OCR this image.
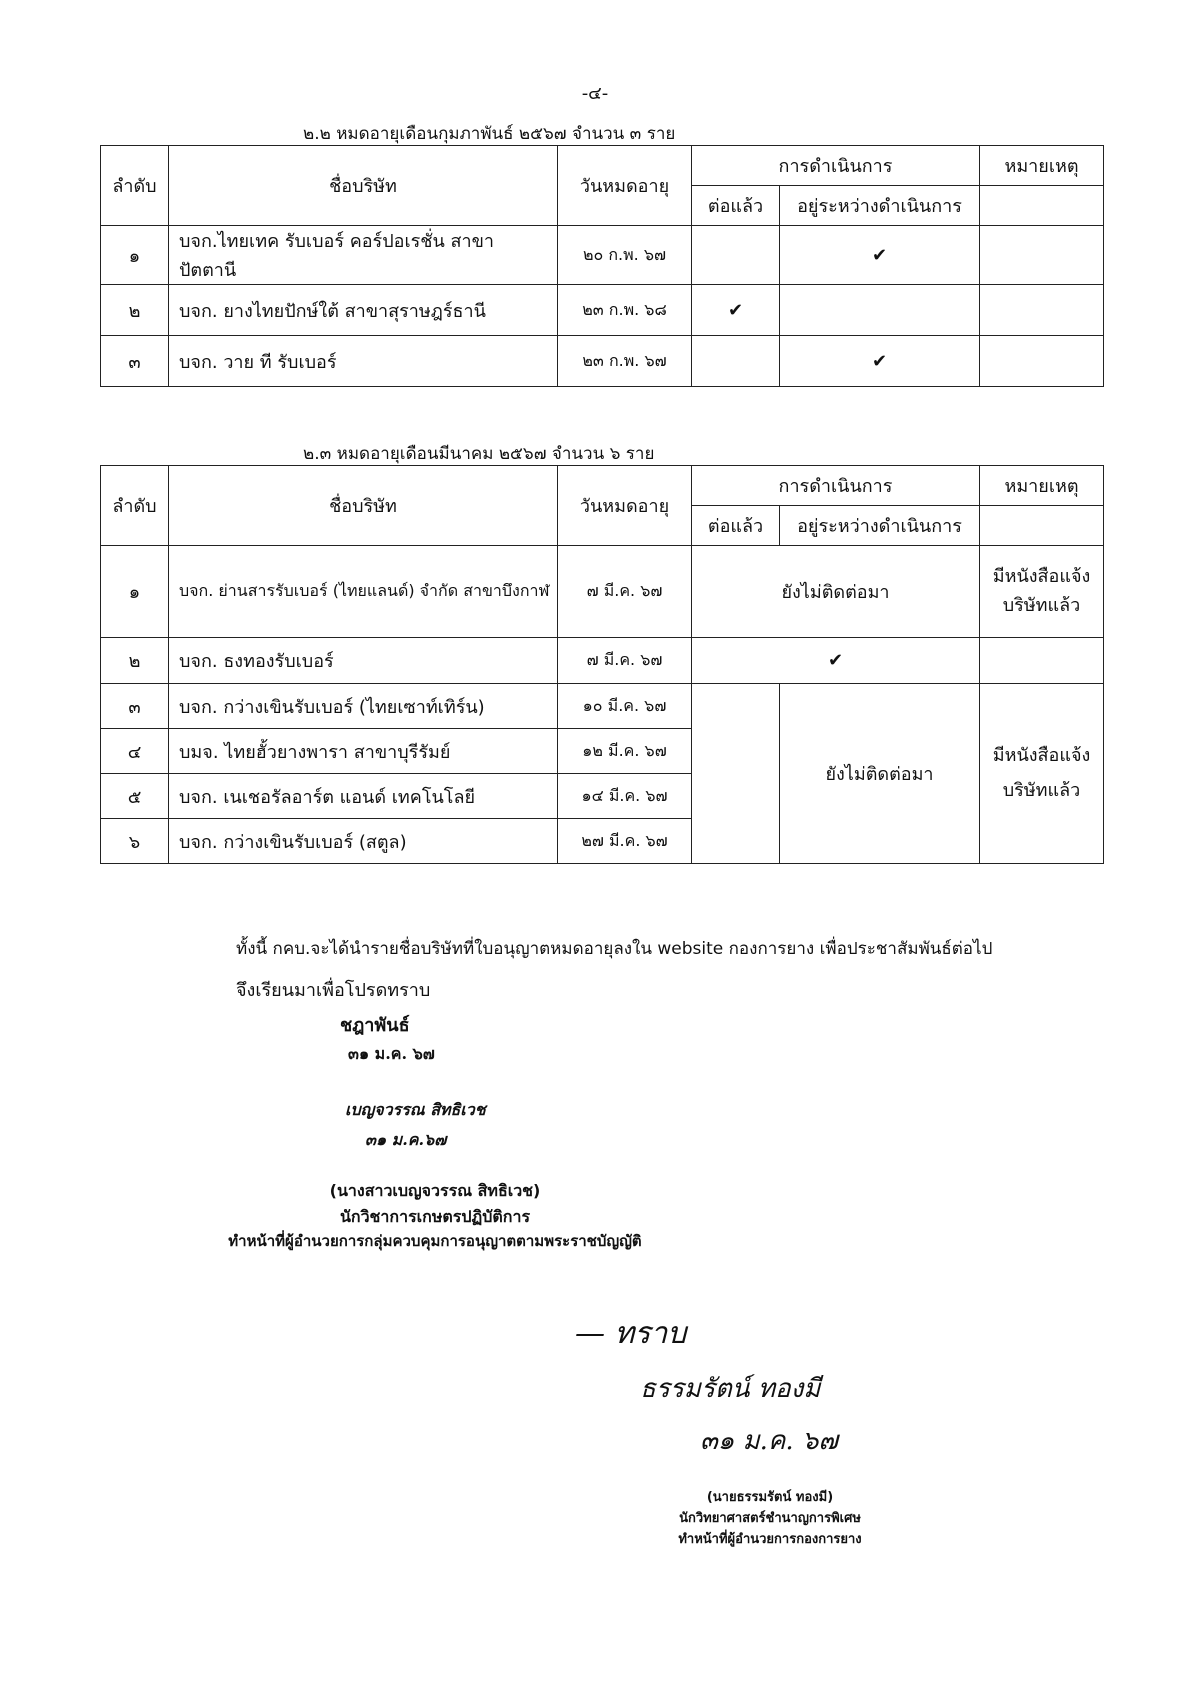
-๔-
๒.๒ หมดอายุเดือนกุมภาพันธ์ ๒๕๖๗ จำนวน ๓ ราย
ลำดับ	ชื่อบริษัท	วันหมดอายุ	การดำเนินการ		หมายเหตุ
			ต่อแล้ว	อยู่ระหว่างดำเนินการ	
๑	บจก.ไทยเทค รับเบอร์ คอร์ปอเรชั่น สาขาปัตตานี	๒๐ ก.พ. ๖๗		✔	
๒	บจก. ยางไทยปักษ์ใต้ สาขาสุราษฎร์ธานี	๒๓ ก.พ. ๖๘	✔		
๓	บจก. วาย ที รับเบอร์	๒๓ ก.พ. ๖๗		✔	
๒.๓ หมดอายุเดือนมีนาคม ๒๕๖๗ จำนวน ๖ ราย
ลำดับ	ชื่อบริษัท	วันหมดอายุ	การดำเนินการ		หมายเหตุ
			ต่อแล้ว	อยู่ระหว่างดำเนินการ	
๑	บจก. ย่านสารรับเบอร์ (ไทยแลนด์) จำกัด สาขาบึงกาฬ	๗ มี.ค. ๖๗	ยังไม่ติดต่อมา		มีหนังสือแจ้ง บริษัทแล้ว
๒	บจก. ธงทองรับเบอร์	๗ มี.ค. ๖๗	✔		
๓	บจก. กว่างเขินรับเบอร์ (ไทยเซาท์เทิร์น)	๑๐ มี.ค. ๖๗		ยังไม่ติดต่อมา	มีหนังสือแจ้ง
บริษัทแล้ว

๔	บมจ. ไทยฮั้วยางพารา สาขาบุรีรัมย์	๑๒ มี.ค. ๖๗			
๕	บจก. เนเชอรัลอาร์ต แอนด์ เทคโนโลยี	๑๔ มี.ค. ๖๗			
๖	บจก. กว่างเขินรับเบอร์ (สตูล)	๒๗ มี.ค. ๖๗			
ทั้งนี้ กคบ.จะได้นำรายชื่อบริษัทที่ใบอนุญาตหมดอายุลงใน website กองการยาง เพื่อประชาสัมพันธ์ต่อไป
จึงเรียนมาเพื่อโปรดทราบ
ชฎาพันธ์
๓๑ ม.ค. ๖๗
เบญจวรรณ สิทธิเวช
๓๑ ม.ค.๖๗
(นางสาวเบญจวรรณ สิทธิเวช)
นักวิชาการเกษตรปฏิบัติการ
ทำหน้าที่ผู้อำนวยการกลุ่มควบคุมการอนุญาตตามพระราชบัญญัติ
— ทราบ
ธรรมรัตน์ ทองมี
๓๑ ม.ค. ๖๗
(นายธรรมรัตน์ ทองมี)
นักวิทยาศาสตร์ชำนาญการพิเศษ
ทำหน้าที่ผู้อำนวยการกองการยาง
